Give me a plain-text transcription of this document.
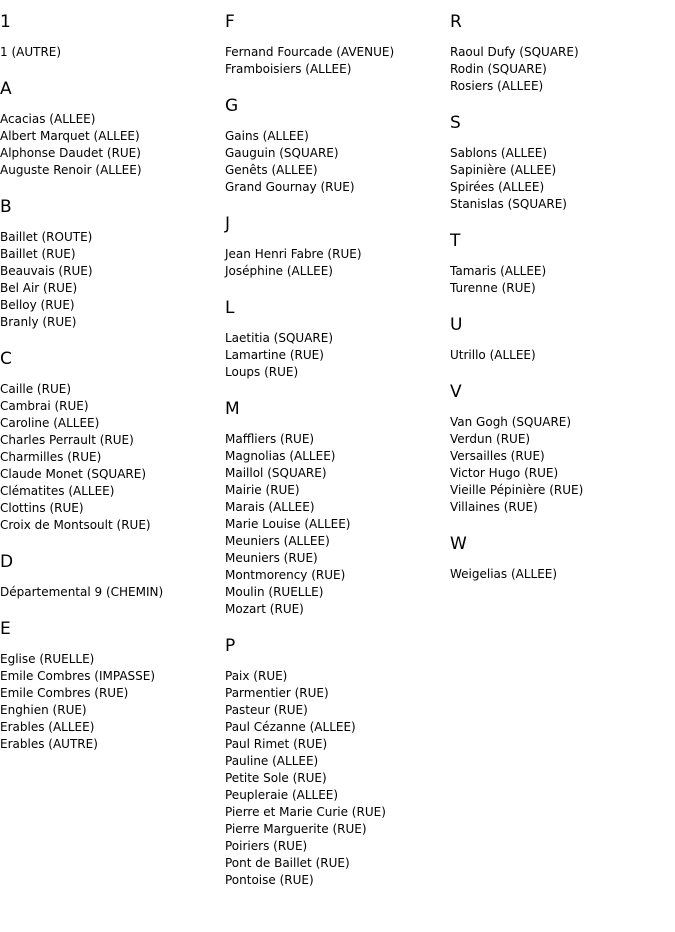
1
1 (AUTRE)
A
Acacias (ALLEE)
Albert Marquet (ALLEE)
Alphonse Daudet (RUE)
Auguste Renoir (ALLEE)
B
Baillet (ROUTE)
Baillet (RUE)
Beauvais (RUE)
Bel Air (RUE)
Belloy (RUE)
Branly (RUE)
C
Caille (RUE)
Cambrai (RUE)
Caroline (ALLEE)
Charles Perrault (RUE)
Charmilles (RUE)
Claude Monet (SQUARE)
Clématites (ALLEE)
Clottins (RUE)
Croix de Montsoult (RUE)
D
Départemental 9 (CHEMIN)
E
Eglise (RUELLE)
Emile Combres (IMPASSE)
Emile Combres (RUE)
Enghien (RUE)
Erables (ALLEE)
Erables (AUTRE)
F
Fernand Fourcade (AVENUE)
Framboisiers (ALLEE)
G
Gains (ALLEE)
Gauguin (SQUARE)
Genêts (ALLEE)
Grand Gournay (RUE)
J
Jean Henri Fabre (RUE)
Joséphine (ALLEE)
L
Laetitia (SQUARE)
Lamartine (RUE)
Loups (RUE)
M
Maffliers (RUE)
Magnolias (ALLEE)
Maillol (SQUARE)
Mairie (RUE)
Marais (ALLEE)
Marie Louise (ALLEE)
Meuniers (ALLEE)
Meuniers (RUE)
Montmorency (RUE)
Moulin (RUELLE)
Mozart (RUE)
P
Paix (RUE)
Parmentier (RUE)
Pasteur (RUE)
Paul Cézanne (ALLEE)
Paul Rimet (RUE)
Pauline (ALLEE)
Petite Sole (RUE)
Peupleraie (ALLEE)
Pierre et Marie Curie (RUE)
Pierre Marguerite (RUE)
Poiriers (RUE)
Pont de Baillet (RUE)
Pontoise (RUE)
R
Raoul Dufy (SQUARE)
Rodin (SQUARE)
Rosiers (ALLEE)
S
Sablons (ALLEE)
Sapinière (ALLEE)
Spirées (ALLEE)
Stanislas (SQUARE)
T
Tamaris (ALLEE)
Turenne (RUE)
U
Utrillo (ALLEE)
V
Van Gogh (SQUARE)
Verdun (RUE)
Versailles (RUE)
Victor Hugo (RUE)
Vieille Pépinière (RUE)
Villaines (RUE)
W
Weigelias (ALLEE)
